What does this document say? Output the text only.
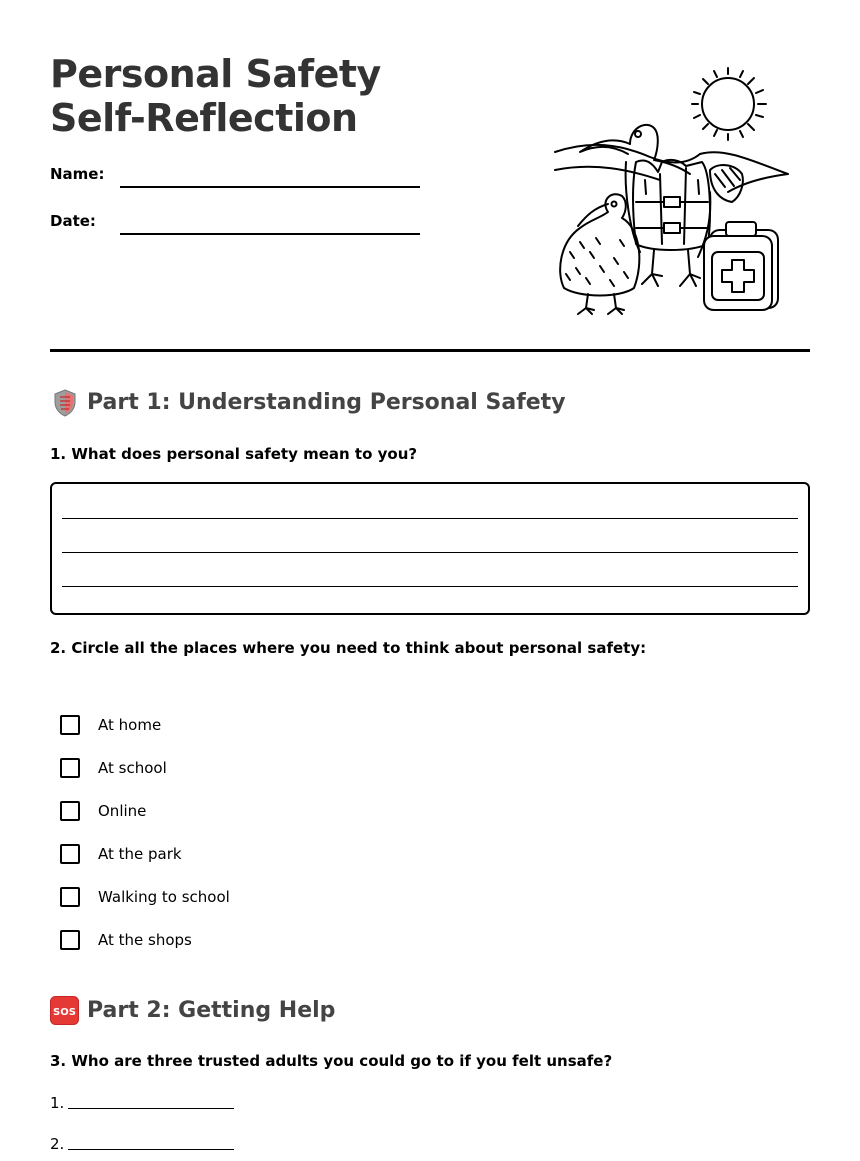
Personal Safety Self-Reflection
Name:
Date:
Part 1: Understanding Personal Safety
1. What does personal safety mean to you?
2. Circle all the places where you need to think about personal safety:
At home
At school
Online
At the park
Walking to school
At the shops
SOS Part 2: Getting Help
3. Who are three trusted adults you could go to if you felt unsafe?
1.
2.
